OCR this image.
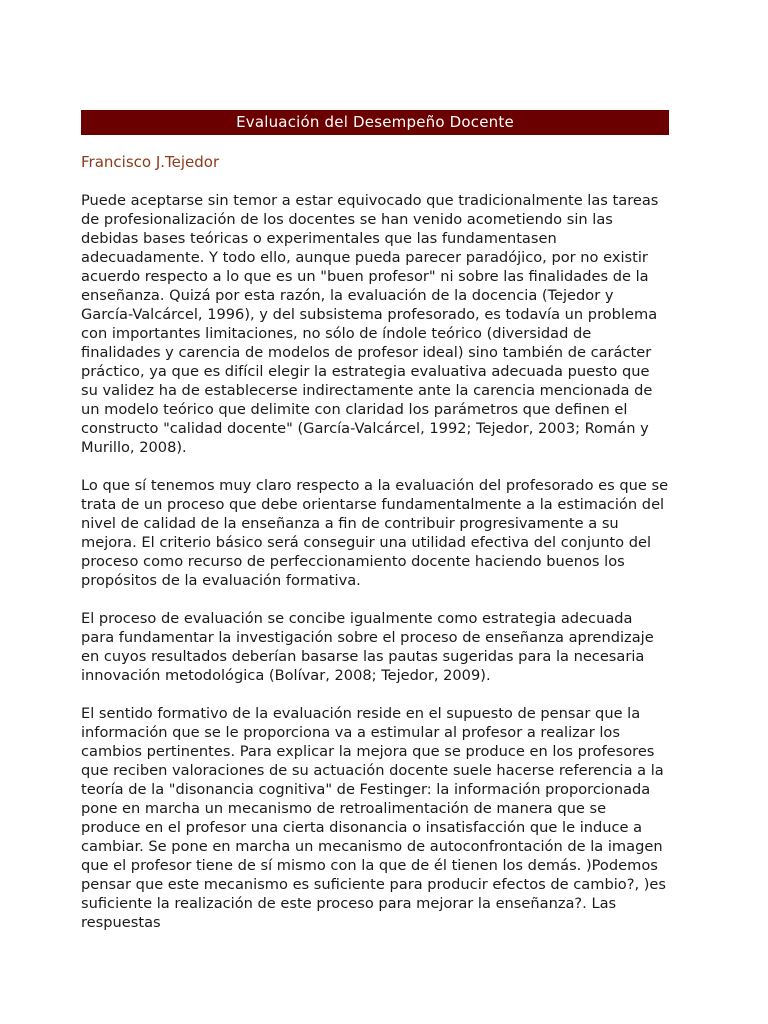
Evaluación del Desempeño Docente
Francisco J.Tejedor

Puede aceptarse sin temor a estar equivocado que tradicionalmente las tareas de profesionalización de los docentes se han venido acometiendo sin las debidas bases teóricas o experimentales que las fundamentasen adecuadamente. Y todo ello, aunque pueda parecer paradójico, por no existir acuerdo respecto a lo que es un "buen profesor" ni sobre las finalidades de la enseñanza. Quizá por esta razón, la evaluación de la docencia (Tejedor y García-Valcárcel, 1996), y del subsistema profesorado, es todavía un problema con importantes limitaciones, no sólo de índole teórico (diversidad de finalidades y carencia de modelos de profesor ideal) sino también de carácter práctico, ya que es difícil elegir la estrategia evaluativa adecuada puesto que su validez ha de establecerse indirectamente ante la carencia mencionada de un modelo teórico que delimite con claridad los parámetros que definen el constructo "calidad docente" (García-Valcárcel, 1992; Tejedor, 2003; Román y Murillo, 2008).

Lo que sí tenemos muy claro respecto a la evaluación del profesorado es que se trata de un proceso que debe orientarse fundamentalmente a la estimación del nivel de calidad de la enseñanza a fin de contribuir progresivamente a su mejora. El criterio básico será conseguir una utilidad efectiva del conjunto del proceso como recurso de perfeccionamiento docente haciendo buenos los propósitos de la evaluación formativa.

El proceso de evaluación se concibe igualmente como estrategia adecuada para fundamentar la investigación sobre el proceso de enseñanza aprendizaje en cuyos resultados deberían basarse las pautas sugeridas para la necesaria innovación metodológica (Bolívar, 2008; Tejedor, 2009).

El sentido formativo de la evaluación reside en el supuesto de pensar que la información que se le proporciona va a estimular al profesor a realizar los cambios pertinentes. Para explicar la mejora que se produce en los profesores que reciben valoraciones de su actuación docente suele hacerse referencia a la teoría de la "disonancia cognitiva" de Festinger: la información proporcionada pone en marcha un mecanismo de retroalimentación de manera que se produce en el profesor una cierta disonancia o insatisfacción que le induce a cambiar. Se pone en marcha un mecanismo de autoconfrontación de la imagen que el profesor tiene de sí mismo con la que de él tienen los demás. )Podemos pensar que este mecanismo es suficiente para producir efectos de cambio?, )es suficiente la realización de este proceso para mejorar la enseñanza?. Las respuestas
